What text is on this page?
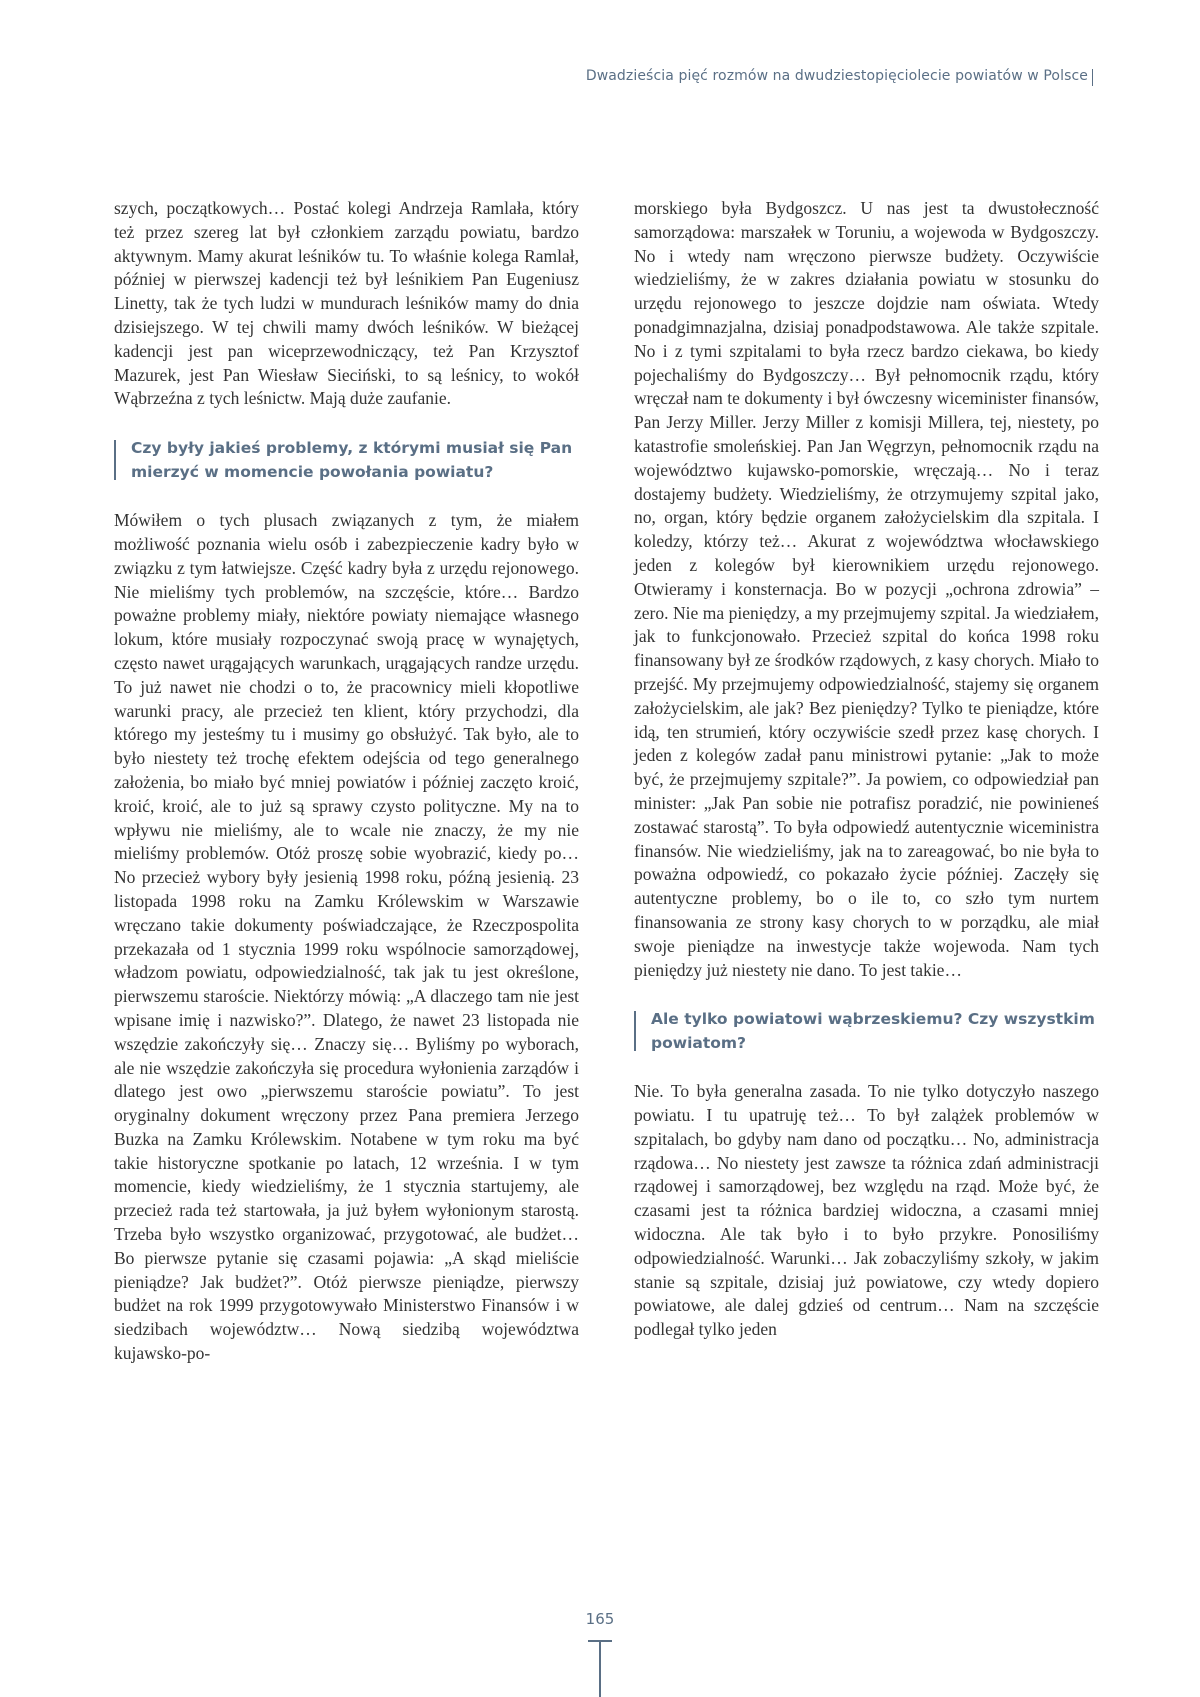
Dwadzieścia pięć rozmów na dwudziestopięciolecie powiatów w Polsce

szych, początkowych… Postać kolegi Andrzeja Ramlała, który też przez szereg lat był członkiem zarządu powiatu, bardzo aktywnym. Mamy akurat leśników tu. To właśnie kolega Ramlał, później w pierwszej kadencji też był leśnikiem Pan Eugeniusz Linetty, tak że tych ludzi w mundurach leśników mamy do dnia dzisiejszego. W tej chwili mamy dwóch leśników. W bieżącej kadencji jest pan wiceprzewodniczący, też Pan Krzysztof Mazurek, jest Pan Wiesław Sieciński, to są leśnicy, to wokół Wąbrzeźna z tych leśnictw. Mają duże zaufanie.

Czy były jakieś problemy, z którymi musiał się Pan mierzyć w momencie powołania powiatu?

Mówiłem o tych plusach związanych z tym, że miałem możliwość poznania wielu osób i zabezpieczenie kadry było w związku z tym łatwiejsze. Część kadry była z urzędu rejonowego. Nie mieliśmy tych problemów, na szczęście, które… Bardzo poważne problemy miały, niektóre powiaty niemające własnego lokum, które musiały rozpoczynać swoją pracę w wynajętych, często nawet urągających warunkach, urągających randze urzędu. To już nawet nie chodzi o to, że pracownicy mieli kłopotliwe warunki pracy, ale przecież ten klient, który przychodzi, dla którego my jesteśmy tu i musimy go obsłużyć. Tak było, ale to było niestety też trochę efektem odejścia od tego generalnego założenia, bo miało być mniej powiatów i później zaczęto kroić, kroić, kroić, ale to już są sprawy czysto polityczne. My na to wpływu nie mieliśmy, ale to wcale nie znaczy, że my nie mieliśmy problemów. Otóż proszę sobie wyobrazić, kiedy po… No przecież wybory były jesienią 1998 roku, późną jesienią. 23 listopada 1998 roku na Zamku Królewskim w Warszawie wręczano takie dokumenty poświadczające, że Rzeczpospolita przekazała od 1 stycznia 1999 roku wspólnocie samorządowej, władzom powiatu, odpowiedzialność, tak jak tu jest określone, pierwszemu staroście. Niektórzy mówią: „A dlaczego tam nie jest wpisane imię i nazwisko?”. Dlatego, że nawet 23 listopada nie wszędzie zakończyły się… Znaczy się… Byliśmy po wyborach, ale nie wszędzie zakończyła się procedura wyłonienia zarządów i dlatego jest owo „pierwszemu staroście powiatu”. To jest oryginalny dokument wręczony przez Pana premiera Jerzego Buzka na Zamku Królewskim. Notabene w tym roku ma być takie historyczne spotkanie po latach, 12 września. I w tym momencie, kiedy wiedzieliśmy, że 1 stycznia startujemy, ale przecież rada też startowała, ja już byłem wyłonionym starostą. Trzeba było wszystko organizować, przygotować, ale budżet… Bo pierwsze pytanie się czasami pojawia: „A skąd mieliście pieniądze? Jak budżet?”. Otóż pierwsze pieniądze, pierwszy budżet na rok 1999 przygotowywało Ministerstwo Finansów i w siedzibach województw… Nową siedzibą województwa kujawsko-po-

morskiego była Bydgoszcz. U nas jest ta dwustołeczność samorządowa: marszałek w Toruniu, a wojewoda w Bydgoszczy. No i wtedy nam wręczono pierwsze budżety. Oczywiście wiedzieliśmy, że w zakres działania powiatu w stosunku do urzędu rejonowego to jeszcze dojdzie nam oświata. Wtedy ponadgimnazjalna, dzisiaj ponadpodstawowa. Ale także szpitale. No i z tymi szpitalami to była rzecz bardzo ciekawa, bo kiedy pojechaliśmy do Bydgoszczy… Był pełnomocnik rządu, który wręczał nam te dokumenty i był ówczesny wiceminister finansów, Pan Jerzy Miller. Jerzy Miller z komisji Millera, tej, niestety, po katastrofie smoleńskiej. Pan Jan Węgrzyn, pełnomocnik rządu na województwo kujawsko-pomorskie, wręczają… No i teraz dostajemy budżety. Wiedzieliśmy, że otrzymujemy szpital jako, no, organ, który będzie organem założycielskim dla szpitala. I koledzy, którzy też… Akurat z województwa włocławskiego jeden z kolegów był kierownikiem urzędu rejonowego. Otwieramy i konsternacja. Bo w pozycji „ochrona zdrowia” – zero. Nie ma pieniędzy, a my przejmujemy szpital. Ja wiedziałem, jak to funkcjonowało. Przecież szpital do końca 1998 roku finansowany był ze środków rządowych, z kasy chorych. Miało to przejść. My przejmujemy odpowiedzialność, stajemy się organem założycielskim, ale jak? Bez pieniędzy? Tylko te pieniądze, które idą, ten strumień, który oczywiście szedł przez kasę chorych. I jeden z kolegów zadał panu ministrowi pytanie: „Jak to może być, że przejmujemy szpitale?”. Ja powiem, co odpowiedział pan minister: „Jak Pan sobie nie potrafisz poradzić, nie powinieneś zostawać starostą”. To była odpowiedź autentycznie wiceministra finansów. Nie wiedzieliśmy, jak na to zareagować, bo nie była to poważna odpowiedź, co pokazało życie później. Zaczęły się autentyczne problemy, bo o ile to, co szło tym nurtem finansowania ze strony kasy chorych to w porządku, ale miał swoje pieniądze na inwestycje także wojewoda. Nam tych pieniędzy już niestety nie dano. To jest takie…

Ale tylko powiatowi wąbrzeskiemu? Czy wszystkim powiatom?

Nie. To była generalna zasada. To nie tylko dotyczyło naszego powiatu. I tu upatruję też… To był zalążek problemów w szpitalach, bo gdyby nam dano od początku… No, administracja rządowa… No niestety jest zawsze ta różnica zdań administracji rządowej i samorządowej, bez względu na rząd. Może być, że czasami jest ta różnica bardziej widoczna, a czasami mniej widoczna. Ale tak było i to było przykre. Ponosiliśmy odpowiedzialność. Warunki… Jak zobaczyliśmy szkoły, w jakim stanie są szpitale, dzisiaj już powiatowe, czy wtedy dopiero powiatowe, ale dalej gdzieś od centrum… Nam na szczęście podlegał tylko jeden

165
